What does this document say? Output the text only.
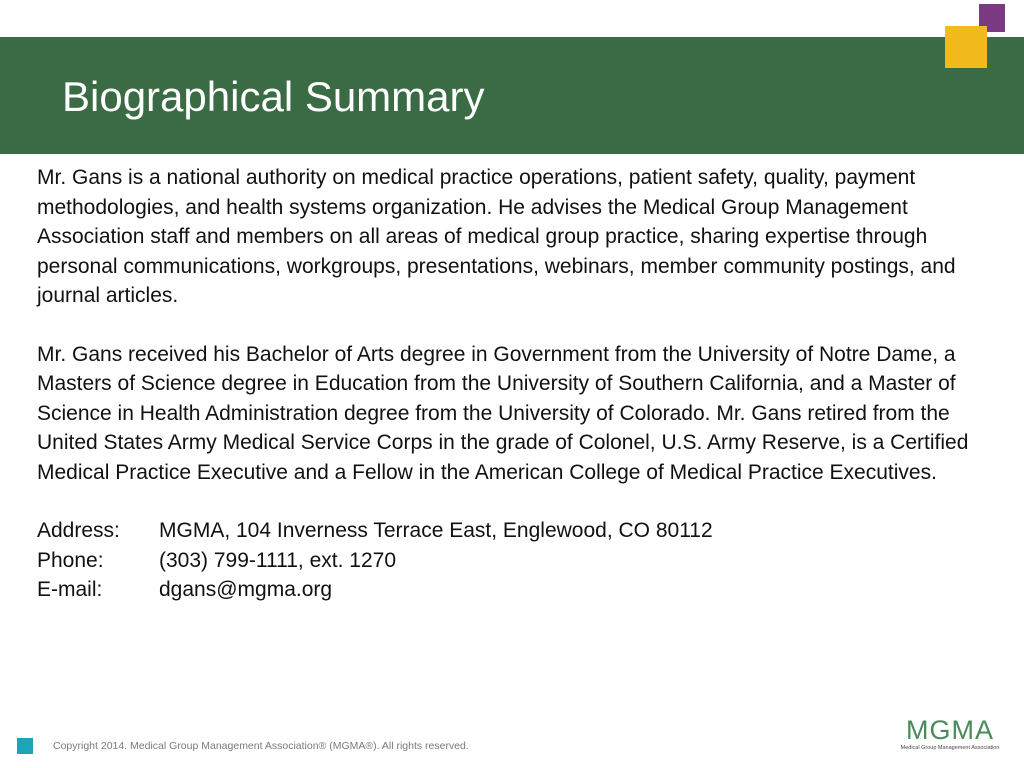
Biographical Summary

Mr. Gans is a national authority on medical practice operations, patient safety, quality, payment methodologies, and health systems organization. He advises the Medical Group Management Association staff and members on all areas of medical group practice, sharing expertise through personal communications, workgroups, presentations, webinars, member community postings, and journal articles.

Mr. Gans received his Bachelor of Arts degree in Government from the University of Notre Dame, a Masters of Science degree in Education from the University of Southern California, and a Master of Science in Health Administration degree from the University of Colorado. Mr. Gans retired from the United States Army Medical Service Corps in the grade of Colonel, U.S. Army Reserve, is a Certified Medical Practice Executive and a Fellow in the American College of Medical Practice Executives.

Address:	MGMA, 104 Inverness Terrace East, Englewood, CO 80112
Phone:	(303) 799-1111, ext. 1270
E-mail:	dgans@mgma.org
Copyright 2014. Medical Group Management Association® (MGMA®). All rights reserved.
MGMA
Medical Group Management Association
